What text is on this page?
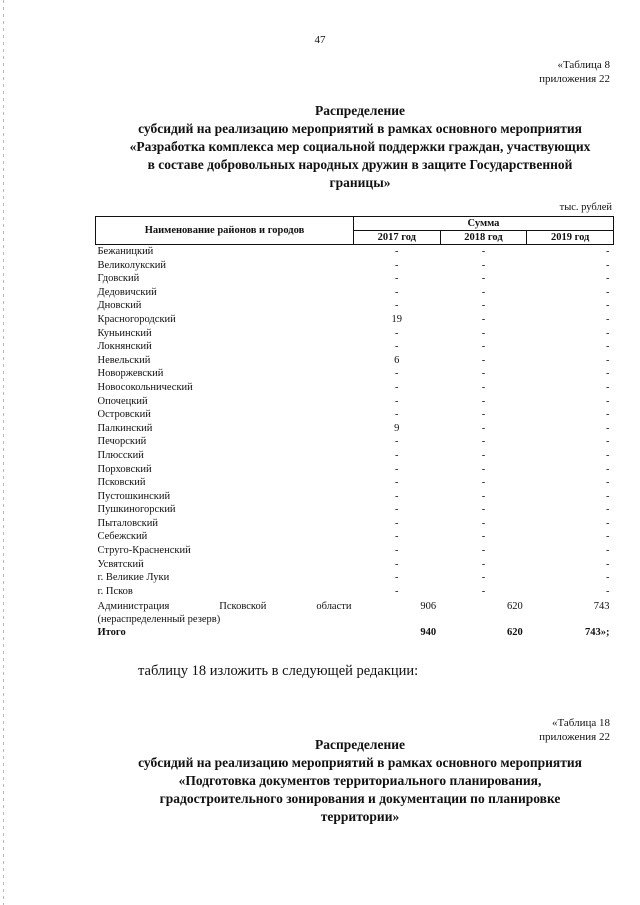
47
«Таблица 8
приложения 22
Распределение
субсидий на реализацию мероприятий в рамках основного мероприятия
«Разработка комплекса мер социальной поддержки граждан, участвующих
в составе добровольных народных дружин в защите Государственной
границы»
тыс. рублей
Наименование районов и городов	Сумма		
	2017 год	2018 год	2019 год
Бежаницкий	-	-	-
Великолукский	-	-	-
Гдовский	-	-	-
Дедовичский	-	-	-
Дновский	-	-	-
Красногородский	19	-	-
Куньинский	-	-	-
Локнянский	-	-	-
Невельский	6	-	-
Новоржевский	-	-	-
Новосокольнический	-	-	-
Опочецкий	-	-	-
Островский	-	-	-
Палкинский	9	-	-
Печорский	-	-	-
Плюсский	-	-	-
Порховский	-	-	-
Псковский	-	-	-
Пустошкинский	-	-	-
Пушкиногорский	-	-	-
Пыталовский	-	-	-
Себежский	-	-	-
Струго-Красненский	-	-	-
Усвятский	-	-	-
г. Великие Луки	-	-	-
г. Псков	-	-	-

Администрация Псковской области
(нераспределенный резерв)	906	620	743
Итого	940	620	743»;
таблицу 18 изложить в следующей редакции:
«Таблица 18
приложения 22
Распределение
субсидий на реализацию мероприятий в рамках основного мероприятия
«Подготовка документов территориального планирования,
градостроительного зонирования и документации по планировке
территории»
